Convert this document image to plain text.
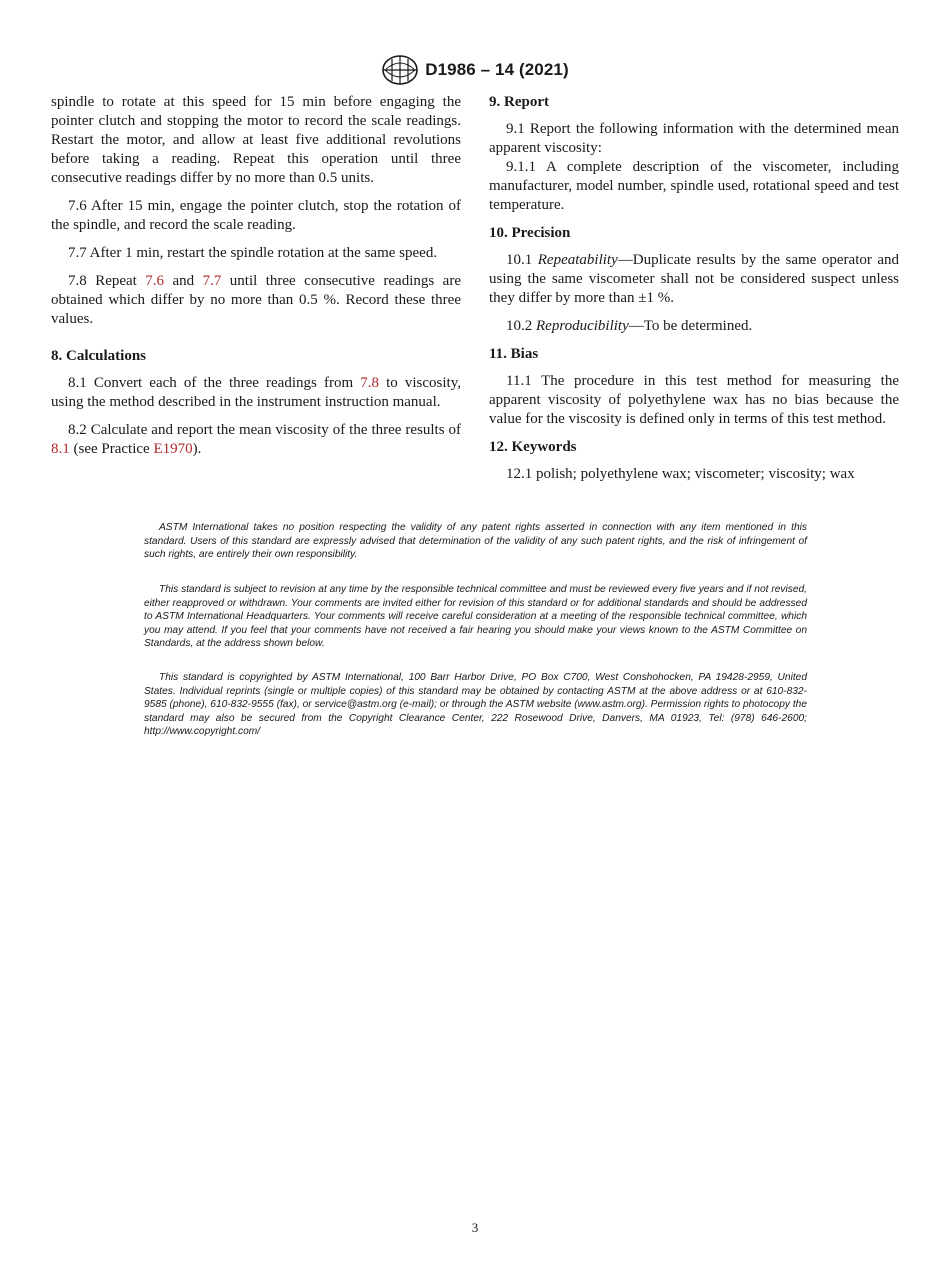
D1986 – 14 (2021)

spindle to rotate at this speed for 15 min before engaging the pointer clutch and stopping the motor to record the scale readings. Restart the motor, and allow at least five additional revolutions before taking a reading. Repeat this operation until three consecutive readings differ by no more than 0.5 units.

7.6 After 15 min, engage the pointer clutch, stop the rotation of the spindle, and record the scale reading.

7.7 After 1 min, restart the spindle rotation at the same speed.

7.8 Repeat 7.6 and 7.7 until three consecutive readings are obtained which differ by no more than 0.5 %. Record these three values.

8. Calculations

8.1 Convert each of the three readings from 7.8 to viscosity, using the method described in the instrument instruction manual.

8.2 Calculate and report the mean viscosity of the three results of 8.1 (see Practice E1970).

9. Report

9.1 Report the following information with the determined mean apparent viscosity:

9.1.1 A complete description of the viscometer, including manufacturer, model number, spindle used, rotational speed and test temperature.

10. Precision

10.1 Repeatability—Duplicate results by the same operator and using the same viscometer shall not be considered suspect unless they differ by more than ±1 %.

10.2 Reproducibility—To be determined.

11. Bias

11.1 The procedure in this test method for measuring the apparent viscosity of polyethylene wax has no bias because the value for the viscosity is defined only in terms of this test method.

12. Keywords

12.1 polish; polyethylene wax; viscometer; viscosity; wax

ASTM International takes no position respecting the validity of any patent rights asserted in connection with any item mentioned in this standard. Users of this standard are expressly advised that determination of the validity of any such patent rights, and the risk of infringement of such rights, are entirely their own responsibility.

This standard is subject to revision at any time by the responsible technical committee and must be reviewed every five years and if not revised, either reapproved or withdrawn. Your comments are invited either for revision of this standard or for additional standards and should be addressed to ASTM International Headquarters. Your comments will receive careful consideration at a meeting of the responsible technical committee, which you may attend. If you feel that your comments have not received a fair hearing you should make your views known to the ASTM Committee on Standards, at the address shown below.

This standard is copyrighted by ASTM International, 100 Barr Harbor Drive, PO Box C700, West Conshohocken, PA 19428-2959, United States. Individual reprints (single or multiple copies) of this standard may be obtained by contacting ASTM at the above address or at 610-832-9585 (phone), 610-832-9555 (fax), or service@astm.org (e-mail); or through the ASTM website (www.astm.org). Permission rights to photocopy the standard may also be secured from the Copyright Clearance Center, 222 Rosewood Drive, Danvers, MA 01923, Tel: (978) 646-2600; http://www.copyright.com/

3
